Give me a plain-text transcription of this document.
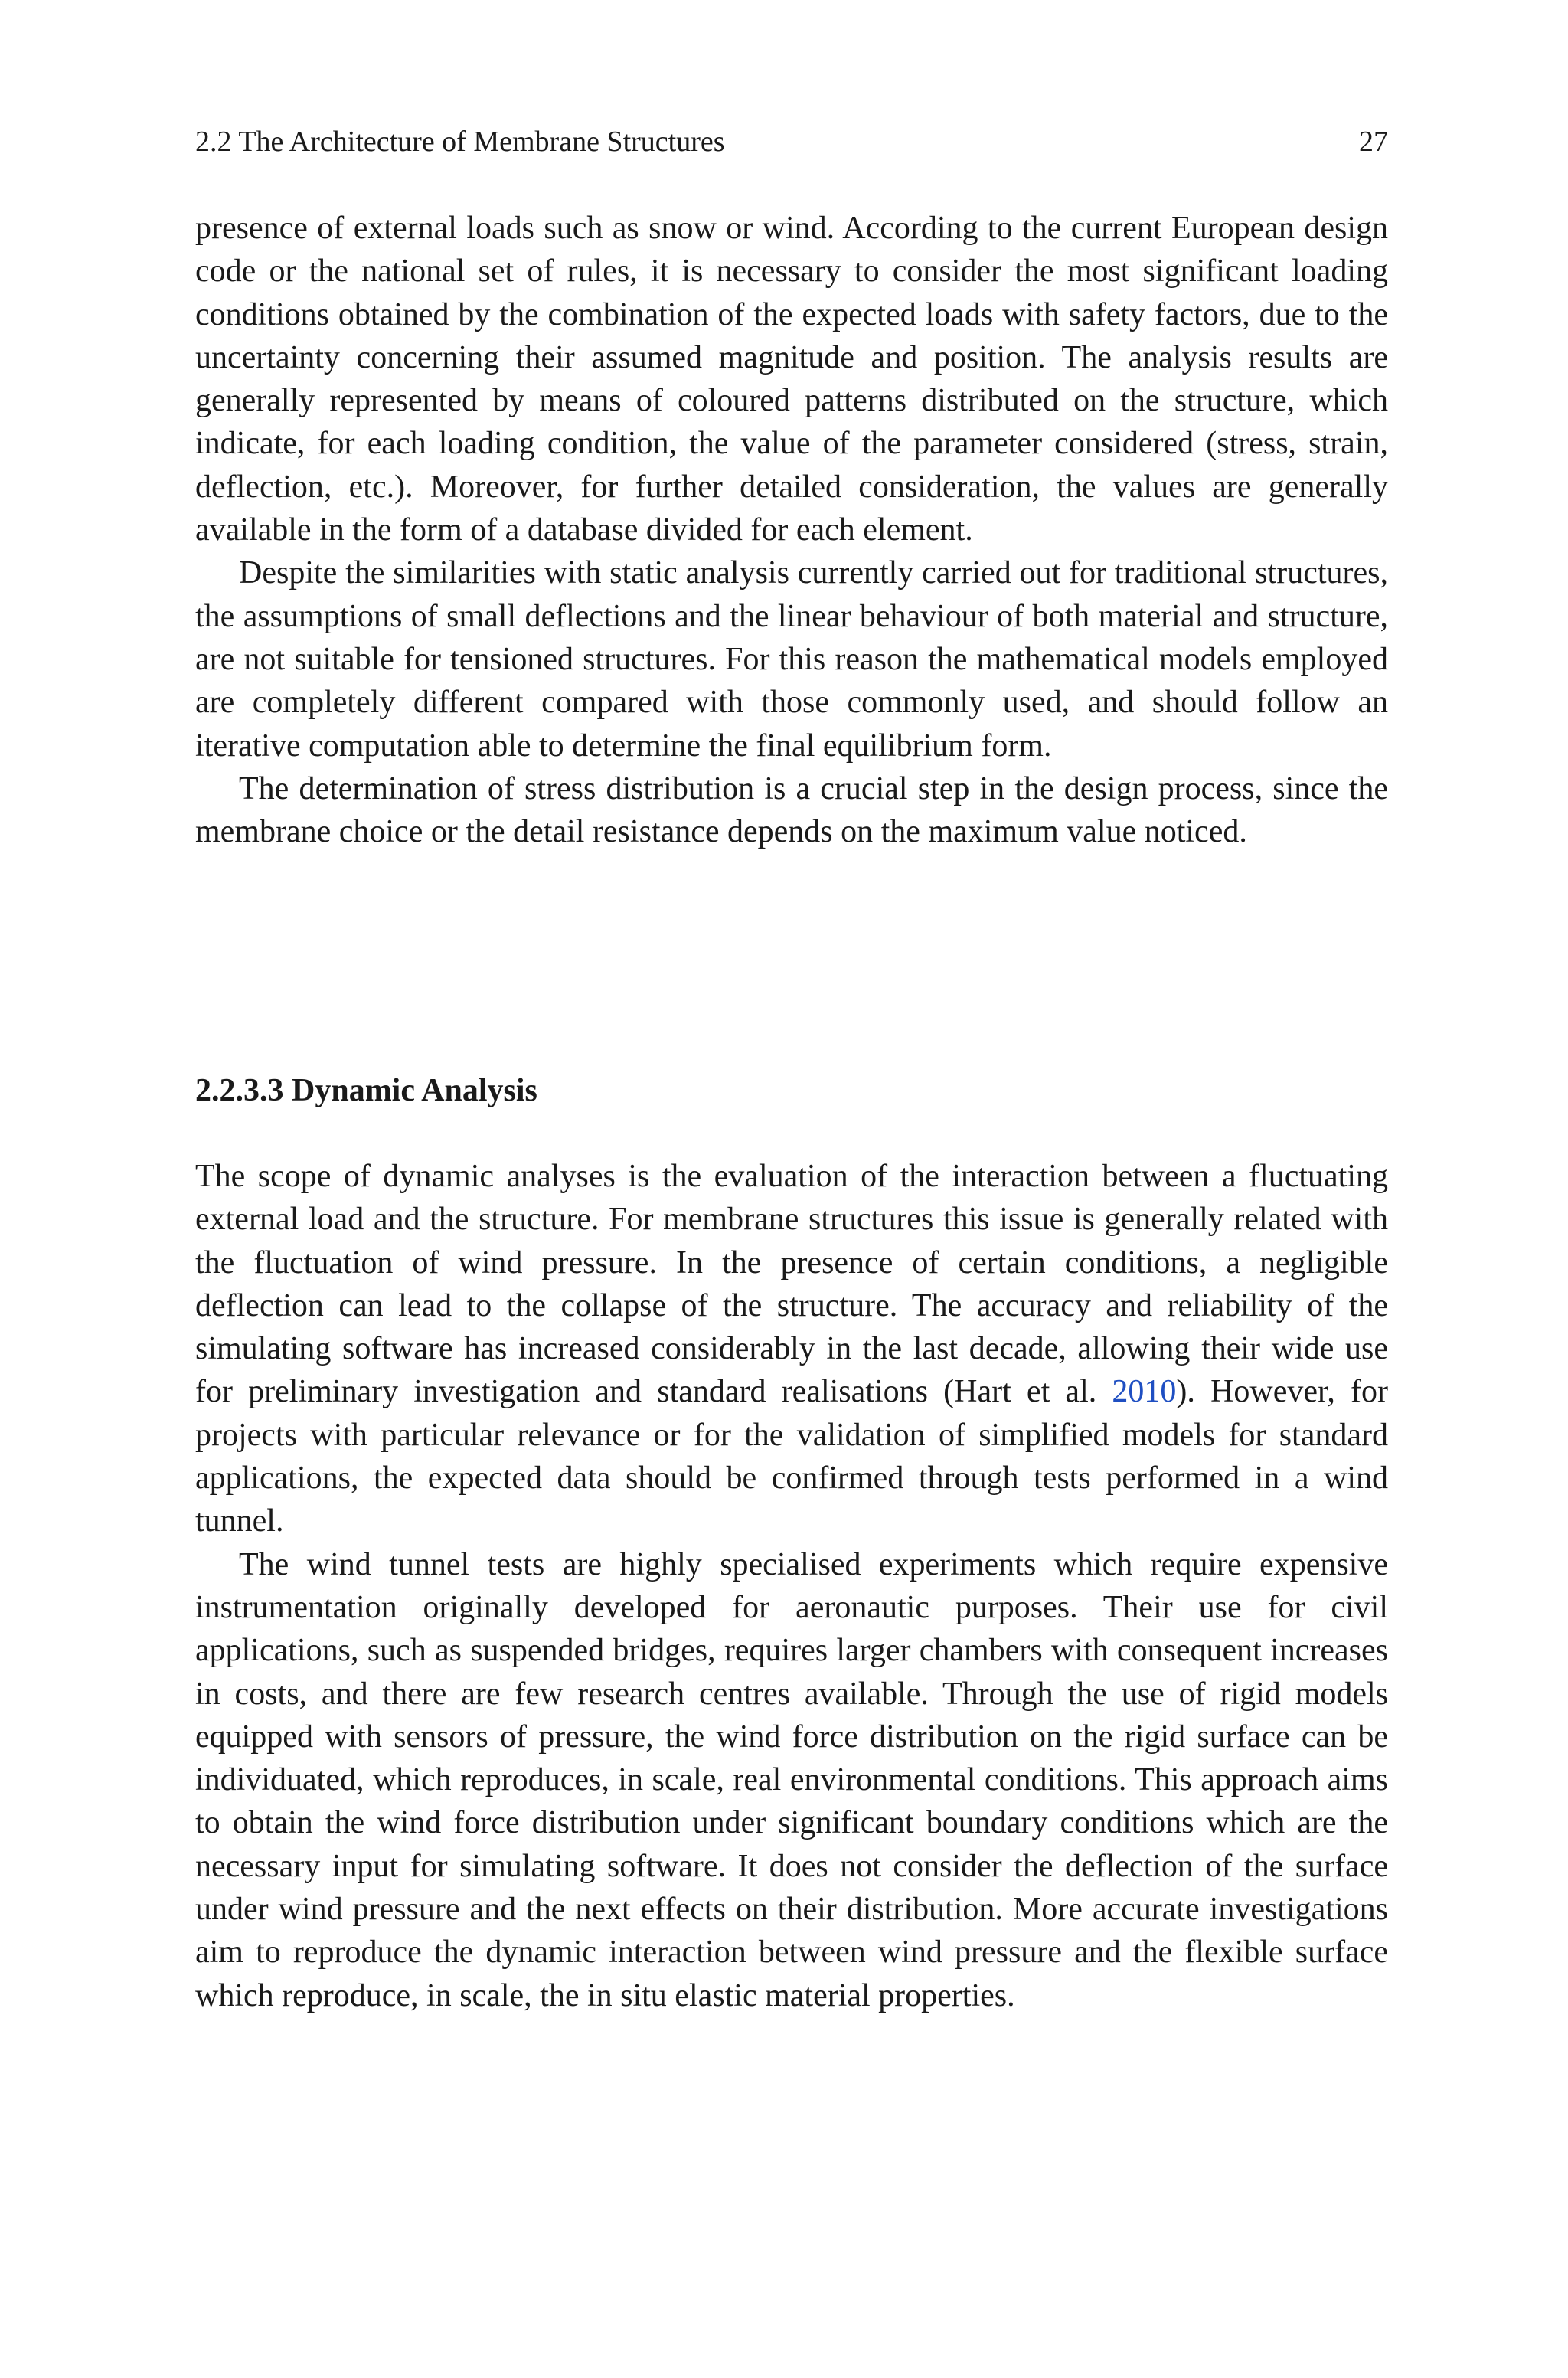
2.2 The Architecture of Membrane Structures	27

presence of external loads such as snow or wind. According to the current European design code or the national set of rules, it is necessary to consider the most significant loading conditions obtained by the combination of the expected loads with safety factors, due to the uncertainty concerning their assumed magnitude and position. The analysis results are generally represented by means of coloured patterns distributed on the structure, which indicate, for each loading condition, the value of the parameter considered (stress, strain, deflection, etc.). Moreover, for further detailed consideration, the values are generally available in the form of a database divided for each element.

Despite the similarities with static analysis currently carried out for traditional structures, the assumptions of small deflections and the linear behaviour of both material and structure, are not suitable for tensioned structures. For this reason the mathematical models employed are completely different compared with those commonly used, and should follow an iterative computation able to determine the final equilibrium form.

The determination of stress distribution is a crucial step in the design process, since the membrane choice or the detail resistance depends on the maximum value noticed.

2.2.3.3 Dynamic Analysis

The scope of dynamic analyses is the evaluation of the interaction between a fluctuating external load and the structure. For membrane structures this issue is generally related with the fluctuation of wind pressure. In the presence of certain conditions, a negligible deflection can lead to the collapse of the structure. The accuracy and reliability of the simulating software has increased considerably in the last decade, allowing their wide use for preliminary investigation and standard realisations (Hart et al. 2010). However, for projects with particular relevance or for the validation of simplified models for standard applications, the expected data should be confirmed through tests performed in a wind tunnel.

The wind tunnel tests are highly specialised experiments which require expensive instrumentation originally developed for aeronautic purposes. Their use for civil applications, such as suspended bridges, requires larger chambers with consequent increases in costs, and there are few research centres available. Through the use of rigid models equipped with sensors of pressure, the wind force distribution on the rigid surface can be individuated, which reproduces, in scale, real environmental conditions. This approach aims to obtain the wind force distribution under significant boundary conditions which are the necessary input for simulating software. It does not consider the deflection of the surface under wind pressure and the next effects on their distribution. More accurate investigations aim to reproduce the dynamic interaction between wind pressure and the flexible surface which reproduce, in scale, the in situ elastic material properties.
